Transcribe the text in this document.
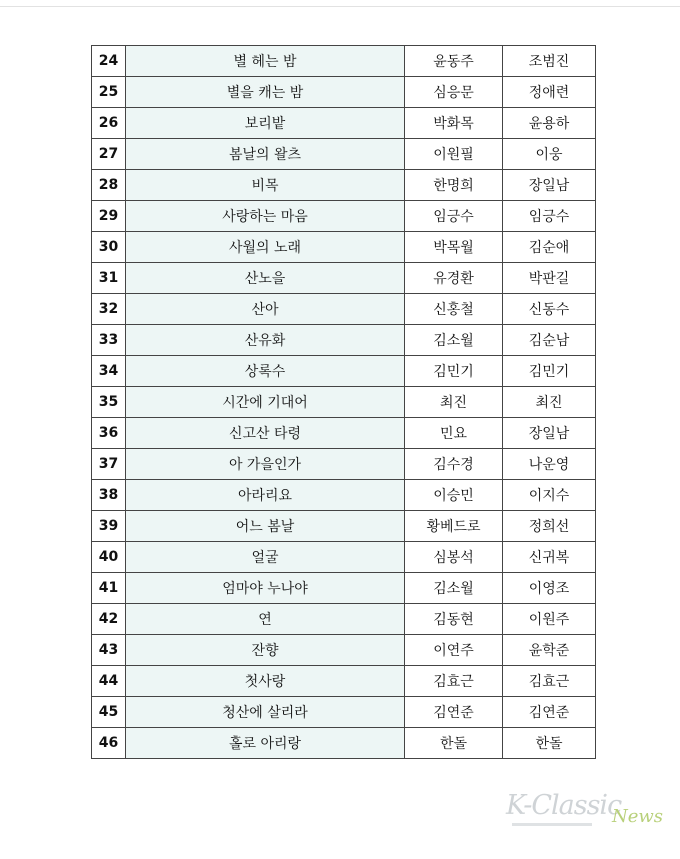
24	별 헤는 밤	윤동주	조범진
25	별을 캐는 밤	심응문	정애련
26	보리밭	박화목	윤용하
27	봄날의 왈츠	이원필	이웅
28	비목	한명희	장일남
29	사랑하는 마음	임긍수	임긍수
30	사월의 노래	박목월	김순애
31	산노을	유경환	박판길
32	산아	신홍철	신동수
33	산유화	김소월	김순남
34	상록수	김민기	김민기
35	시간에 기대어	최진	최진
36	신고산 타령	민요	장일남
37	아 가을인가	김수경	나운영
38	아라리요	이승민	이지수
39	어느 봄날	황베드로	정희선
40	얼굴	심봉석	신귀복
41	엄마야 누나야	김소월	이영조
42	연	김동현	이원주
43	잔향	이연주	윤학준
44	첫사랑	김효근	김효근
45	청산에 살리라	김연준	김연준
46	홀로 아리랑	한돌	한돌
K-Classic
News
